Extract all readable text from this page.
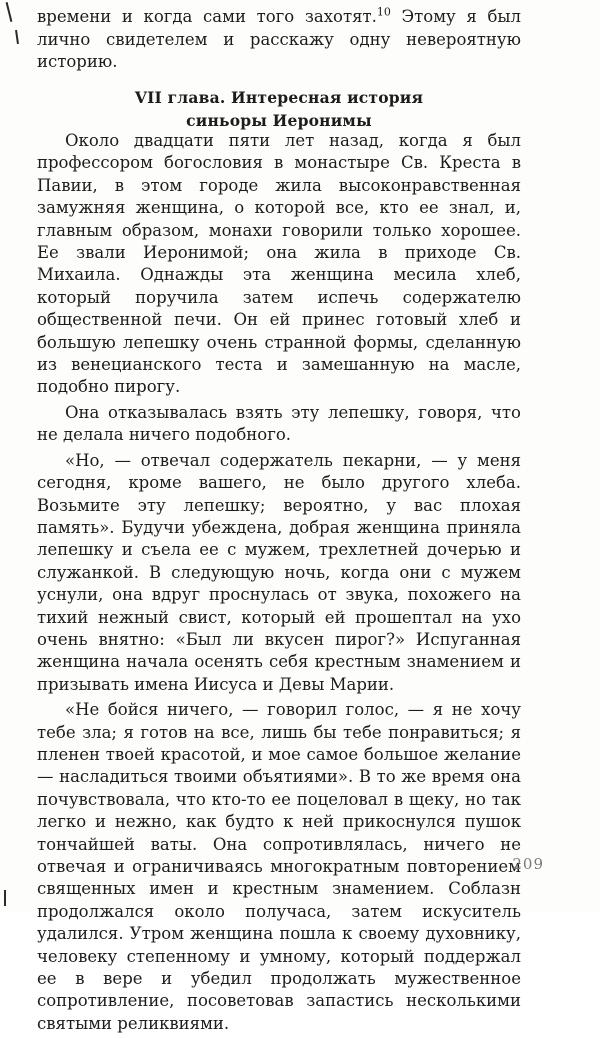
времени и когда сами того захотят.$^{10}$ Этому я был лично свидетелем и расскажу одну невероятную историю.

VII глава. Интересная история
синьоры Иеронимы

Около двадцати пяти лет назад, когда я был профессором богословия в монастыре Св. Креста в Павии, в этом городе жила высоконравственная замужняя женщина, о которой все, кто ее знал, и, главным образом, монахи говорили только хорошее. Ее звали Иеронимой; она жила в приходе Св. Михаила. Однажды эта женщина месила хлеб, который поручила затем испечь содержателю общественной печи. Он ей принес готовый хлеб и большую лепешку очень странной формы, сделанную из венецианского теста и замешанную на масле, подобно пирогу.

Она отказывалась взять эту лепешку, говоря, что не делала ничего подобного.

«Но, — отвечал содержатель пекарни, — у меня сегодня, кроме вашего, не было другого хлеба. Возьмите эту лепешку; вероятно, у вас плохая память». Будучи убеждена, добрая женщина приняла лепешку и съела ее с мужем, трехлетней дочерью и служанкой. В следующую ночь, когда они с мужем уснули, она вдруг проснулась от звука, похожего на тихий нежный свист, который ей прошептал на ухо очень внятно: «Был ли вкусен пирог?» Испуганная женщина начала осенять себя крестным знамением и призывать имена Иисуса и Девы Марии.

«Не бойся ничего, — говорил голос, — я не хочу тебе зла; я готов на все, лишь бы тебе понравиться; я пленен твоей красотой, и мое самое большое желание — насладиться твоими объятиями». В то же время она почувствовала, что кто-то ее поцеловал в щеку, но так легко и нежно, как будто к ней прикоснулся пушок тончайшей ваты. Она сопротивлялась, ничего не отвечая и ограничиваясь многократным повторением священных имен и крестным знамением. Соблазн продолжался около получаса, затем искуситель удалился. Утром женщина пошла к своему духовнику, человеку степенному и умному, который поддержал ее в вере и убедил продолжать мужественное сопротивление, посоветовав запастись несколькими святыми реликвиями.

209
